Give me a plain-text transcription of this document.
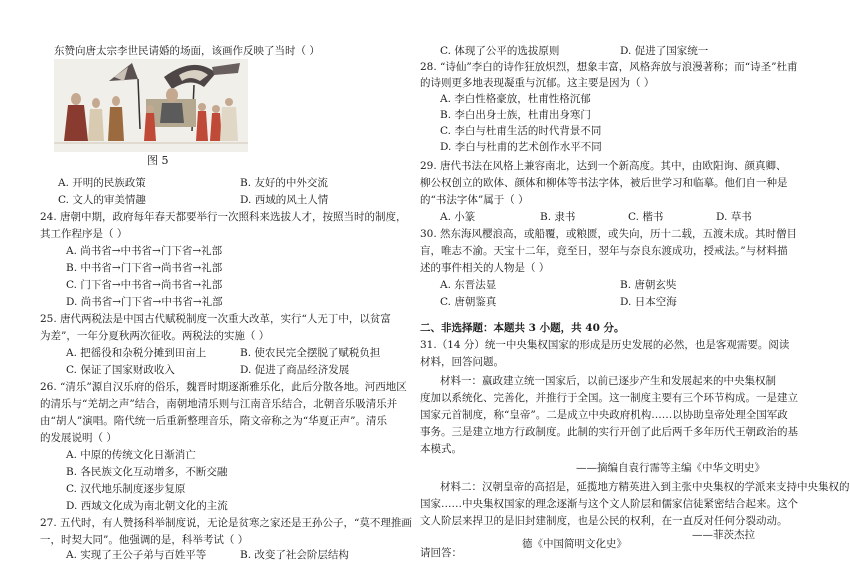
东赞向唐太宗李世民请婚的场面，该画作反映了当时（ ）
图 5
A. 开明的民族政策	B. 友好的中外交流
C. 文人的审美情趣	D. 西域的风土人情
24. 唐朝中期，政府每年春天都要举行一次照科来选拔人才，按照当时的制度，
其工作程序是（ ）
A. 尚书省→中书省→门下省→礼部
B. 中书省→门下省→尚书省→礼部
C. 门下省→中书省→尚书省→礼部
D. 尚书省→门下省→中书省→礼部
25. 唐代两税法是中国古代赋税制度一次重大改革，实行“人无丁中，以贫富
为差”，一年分夏秋两次征收。两税法的实施（ ）
A. 把徭役和杂税分摊到田亩上	B. 使农民完全摆脱了赋税负担
C. 保证了国家财政收入	D. 促进了商品经济发展
26. “清乐”源自汉乐府的俗乐，魏晋时期逐渐雅乐化，此后分散各地。河西地区
的清乐与“羌胡之声”结合，南朝地清乐则与江南音乐结合，北朝音乐吸清乐并
由“胡人”演唱。隋代统一后重新整理音乐，隋文帝称之为“华夏正声”。清乐
的发展说明（ ）
A. 中原的传统文化日渐消亡
B. 各民族文化互动增多，不断交融
C. 汉代地乐制度逐步复原
D. 西域文化成为南北朝文化的主流
27. 五代时，有人赞扬科举制度说，无论是贫寒之家还是王孙公子，“莫不理推画
一，时契大同”。他强调的是，科举考试（ ）
A. 实现了王公子弟与百姓平等	B. 改变了社会阶层结构
C. 体现了公平的选拔原则	D. 促进了国家统一
28. “诗仙”李白的诗作狂放炽烈，想象丰富，风格奔放与浪漫著称；而“诗圣”杜甫
的诗则更多地表现凝重与沉郁。这主要是因为（ ）
A. 李白性格豪放，杜甫性格沉郁
B. 李白出身士族，杜甫出身寒门
C. 李白与杜甫生活的时代背景不同
D. 李白与杜甫的艺术创作水平不同
29. 唐代书法在风格上兼容南北，达到一个新高度。其中，由欧阳询、颜真卿、
柳公权创立的欧体、颜体和柳体等书法字体，被后世学习和临摹。他们自一种是
的“书法字体”属于（ ）
A. 小篆	B. 隶书	C. 楷书	D. 草书
30. 然东海风樱浪高，或船覆，或粮匮，或失向，历十二载，五渡未成。其时僧目
盲，唯志不渝。天宝十二年，竟至日，翌年与奈良东渡成功，授戒法。”与材料描
述的事件相关的人物是（ ）
A. 东晋法显	B. 唐朝玄奘
C. 唐朝鉴真	D. 日本空海
二、非选择题：本题共 3 小题，共 40 分。
31.（14 分）统一中央集权国家的形成是历史发展的必然，也是客观需要。阅读
材料，回答问题。
材料一：嬴政建立统一国家后，以前已逐步产生和发展起来的中央集权制
度加以系统化、完善化，并推行于全国。这一制度主要有三个环节构成。一是建立
国家元首制度，称“皇帝”。二是成立中央政府机构……以协助皇帝处理全国军政
事务。三是建立地方行政制度。此制的实行开创了此后两千多年历代王朝政治的基
本模式。
——摘编自袁行霈等主编《中华文明史》
材料二：汉朝皇帝的高招是，延揽地方精英进入到主张中央集权的学派来支持中央集权的
国家……中央集权国家的理念逐渐与这个文人阶层和儒家信徒紧密结合起来。这个
文人阶层来捍卫的是旧封建制度，也是公民的权利，在一直反对任何分裂动动。
——菲茨杰拉
德《中国简明文化史》
请回答：
